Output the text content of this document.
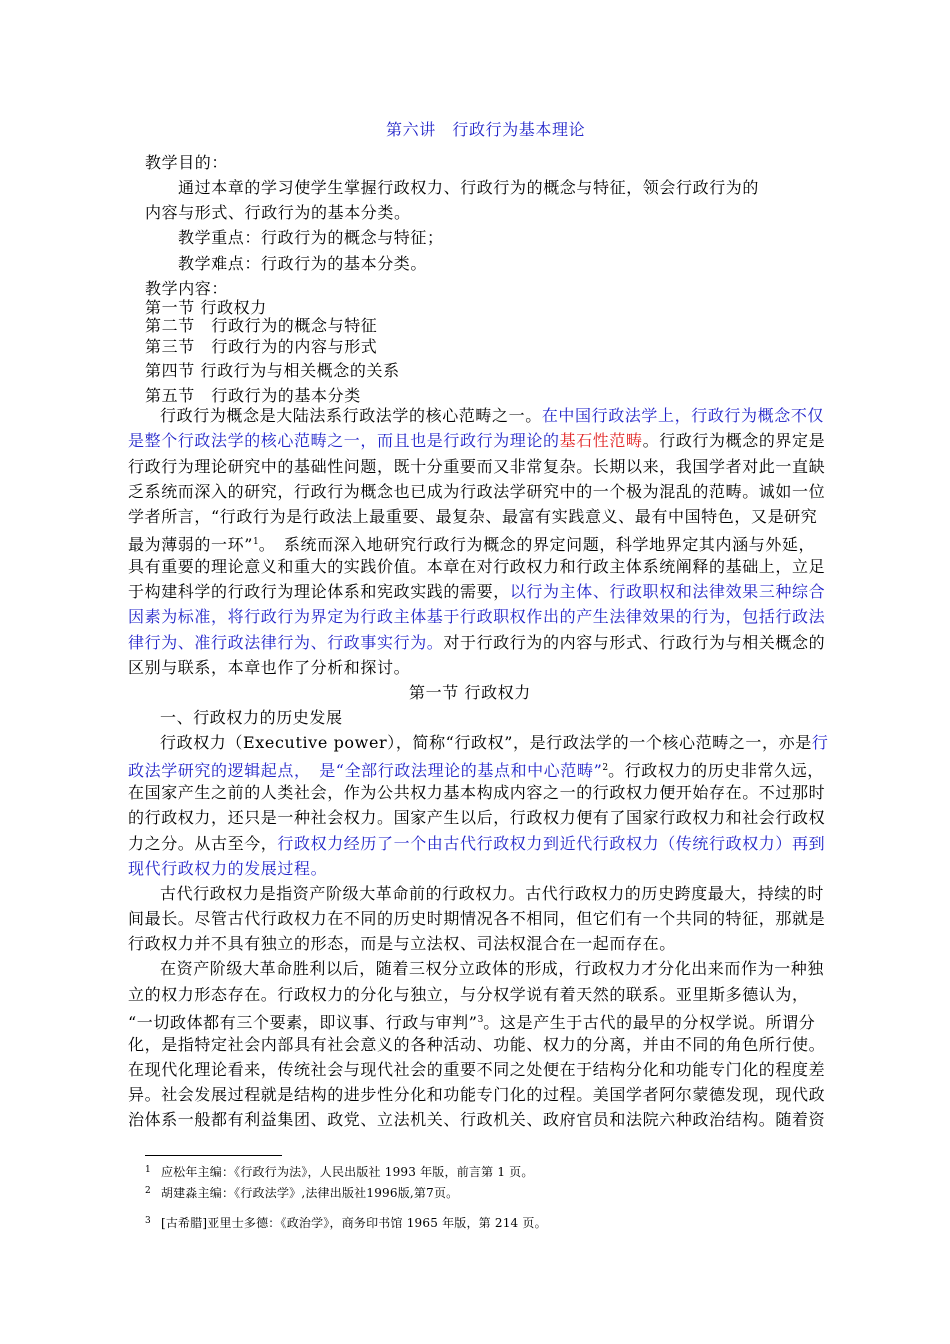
第六讲　行政行为基本理论
教学目的：
通过本章的学习使学生掌握行政权力、行政行为的概念与特征，领会行政行为的
内容与形式、行政行为的基本分类。
教学重点：行政行为的概念与特征；
教学难点：行政行为的基本分类。
教学内容：
第一节 行政权力
第二节　行政行为的概念与特征
第三节　行政行为的内容与形式
第四节 行政行为与相关概念的关系
第五节　行政行为的基本分类
行政行为概念是大陆法系行政法学的核心范畴之一。在中国行政法学上，行政行为概念不仅
是整个行政法学的核心范畴之一，而且也是行政行为理论的基石性范畴。行政行为概念的界定是
行政行为理论研究中的基础性问题，既十分重要而又非常复杂。长期以来，我国学者对此一直缺
乏系统而深入的研究，行政行为概念也已成为行政法学研究中的一个极为混乱的范畴。诚如一位
学者所言，“行政行为是行政法上最重要、最复杂、最富有实践意义、最有中国特色，又是研究
最为薄弱的一环”$^1$。　系统而深入地研究行政行为概念的界定问题，科学地界定其内涵与外延，
具有重要的理论意义和重大的实践价值。本章在对行政权力和行政主体系统阐释的基础上，立足
于构建科学的行政行为理论体系和宪政实践的需要，以行为主体、行政职权和法律效果三种综合
因素为标准，将行政行为界定为行政主体基于行政职权作出的产生法律效果的行为，包括行政法
律行为、准行政法律行为、行政事实行为。对于行政行为的内容与形式、行政行为与相关概念的
区别与联系，本章也作了分析和探讨。
第一节 行政权力
一、行政权力的历史发展
行政权力（Executive power），简称“行政权”，是行政法学的一个核心范畴之一，亦是行
政法学研究的逻辑起点，　是“全部行政法理论的基点和中心范畴”$^2$。行政权力的历史非常久远，
在国家产生之前的人类社会，作为公共权力基本构成内容之一的行政权力便开始存在。不过那时
的行政权力，还只是一种社会权力。国家产生以后，行政权力便有了国家行政权力和社会行政权
力之分。从古至今，行政权力经历了一个由古代行政权力到近代行政权力（传统行政权力）再到
现代行政权力的发展过程。
古代行政权力是指资产阶级大革命前的行政权力。古代行政权力的历史跨度最大，持续的时
间最长。尽管古代行政权力在不同的历史时期情况各不相同，但它们有一个共同的特征，那就是
行政权力并不具有独立的形态，而是与立法权、司法权混合在一起而存在。
在资产阶级大革命胜利以后，随着三权分立政体的形成，行政权力才分化出来而作为一种独
立的权力形态存在。行政权力的分化与独立，与分权学说有着天然的联系。亚里斯多德认为，
“一切政体都有三个要素，即议事、行政与审判”$^3$。这是产生于古代的最早的分权学说。所谓分
化，是指特定社会内部具有社会意义的各种活动、功能、权力的分离，并由不同的角色所行使。
在现代化理论看来，传统社会与现代社会的重要不同之处便在于结构分化和功能专门化的程度差
异。社会发展过程就是结构的进步性分化和功能专门化的过程。美国学者阿尔蒙德发现，现代政
治体系一般都有利益集团、政党、立法机关、行政机关、政府官员和法院六种政治结构。随着资
$^1$ 应松年主编：《行政行为法》，人民出版社 1993 年版，前言第 1 页。
$^2$ 胡建淼主编：《行政法学》,法律出版社1996版,第7页。
$^3$ [古希腊]亚里士多德：《政治学》，商务印书馆 1965 年版，第 214 页。
